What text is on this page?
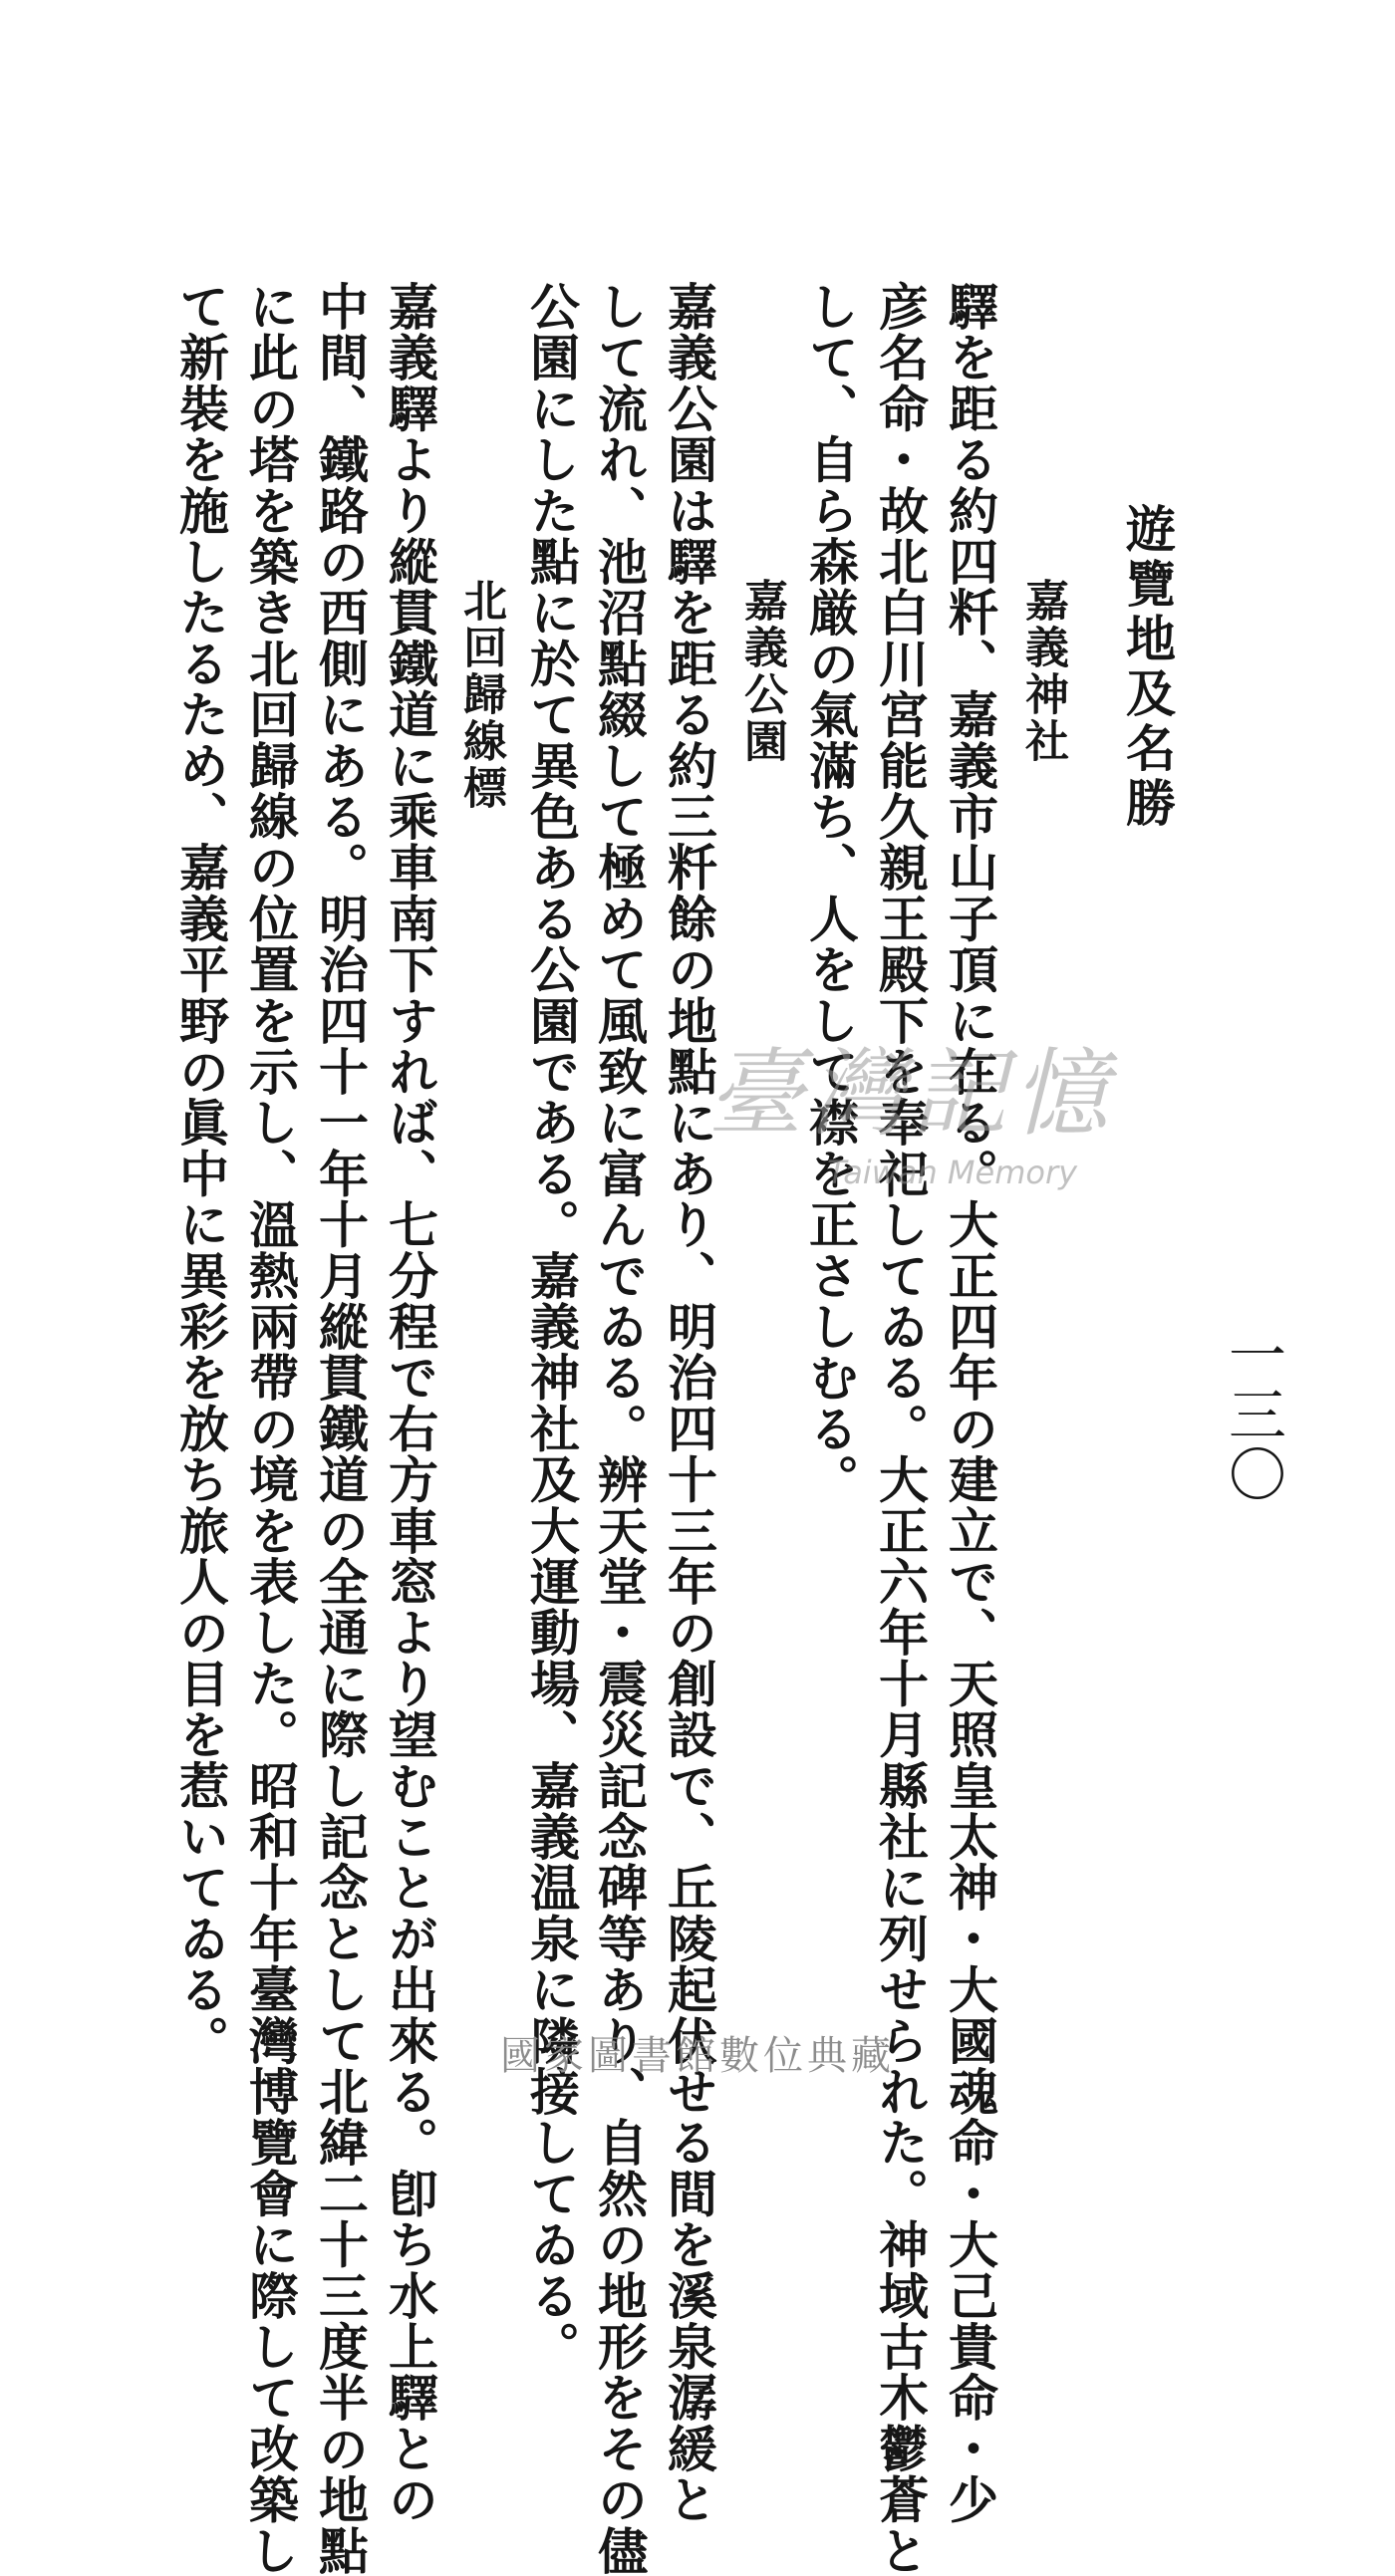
遊覽地及名勝
一三〇
嘉義神社
驛を距る約四粁、嘉義市山子頂に在る。大正四年の建立で、天照皇太神・大國魂命・大己貴命・少
彦名命・故北白川宮能久親王殿下を奉祀してゐる。大正六年十月縣社に列せられた。神域古木鬱蒼と
して、自ら森厳の氣滿ち、人をして襟を正さしむる。
嘉義公園
嘉義公園は驛を距る約三粁餘の地點にあり、明治四十三年の創設で、丘陵起伏せる間を溪泉潺緩と
して流れ、池沼點綴して極めて風致に富んでゐる。辨天堂・震災記念碑等あり、自然の地形をその儘
公園にした點に於て異色ある公園である。嘉義神社及大運動場、嘉義温泉に隣接してゐる。
北回歸線標
嘉義驛より縱貫鐵道に乘車南下すれば、七分程で右方車窓より望むことが出來る。卽ち水上驛との
中間、鐵路の西側にある。明治四十一年十月縱貫鐵道の全通に際し記念として北緯二十三度半の地點
に此の塔を築き北回歸線の位置を示し、溫熱兩帶の境を表した。昭和十年臺灣博覽會に際して改築し
て新裝を施したるため、嘉義平野の眞中に異彩を放ち旅人の目を惹いてゐる。	臺灣記憶
Taiwan Memory
國家圖書館數位典藏
